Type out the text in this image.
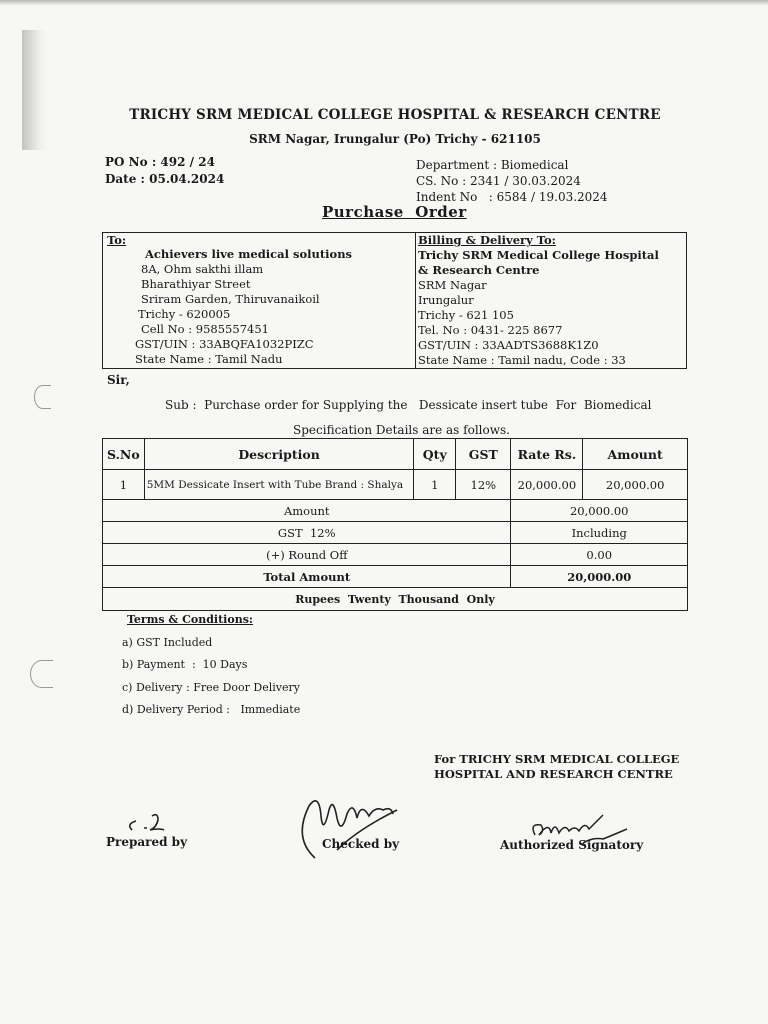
TRICHY SRM MEDICAL COLLEGE HOSPITAL & RESEARCH CENTRE
SRM Nagar, Irungalur (Po) Trichy - 621105
PO No : 492 / 24
Date : 05.04.2024
Department : Biomedical
CS. No : 2341 / 30.03.2024
Indent No   : 6584 / 19.03.2024
Purchase  Order
To:
Achievers live medical solutions
8A, Ohm sakthi illam
Bharathiyar Street
Sriram Garden, Thiruvanaikoil
Trichy - 620005
Cell No : 9585557451
GST/UIN : 33ABQFA1032PIZC
State Name : Tamil Nadu
Billing & Delivery To:
Trichy SRM Medical College Hospital
& Research Centre
SRM Nagar
Irungalur
Trichy - 621 105
Tel. No : 0431- 225 8677
GST/UIN : 33AADTS3688K1Z0
State Name : Tamil nadu, Code : 33
Sir,
Sub :  Purchase order for Supplying the   Dessicate insert tube  For  Biomedical
Specification Details are as follows.
S.No	Description	Qty	GST	Rate Rs.	Amount
1	5MM Dessicate Insert with Tube Brand : Shalya	1	12%	20,000.00	20,000.00
Amount				20,000.00	
GST  12%				Including	
(+) Round Off				0.00	
Total Amount				20,000.00	
Rupees  Twenty  Thousand  Only					
Terms & Conditions:
a) GST Included
b) Payment  :  10 Days
c) Delivery : Free Door Delivery
d) Delivery Period :   Immediate
For TRICHY SRM MEDICAL COLLEGE
HOSPITAL AND RESEARCH CENTRE
Prepared by	Checked by	Authorized Signatory
